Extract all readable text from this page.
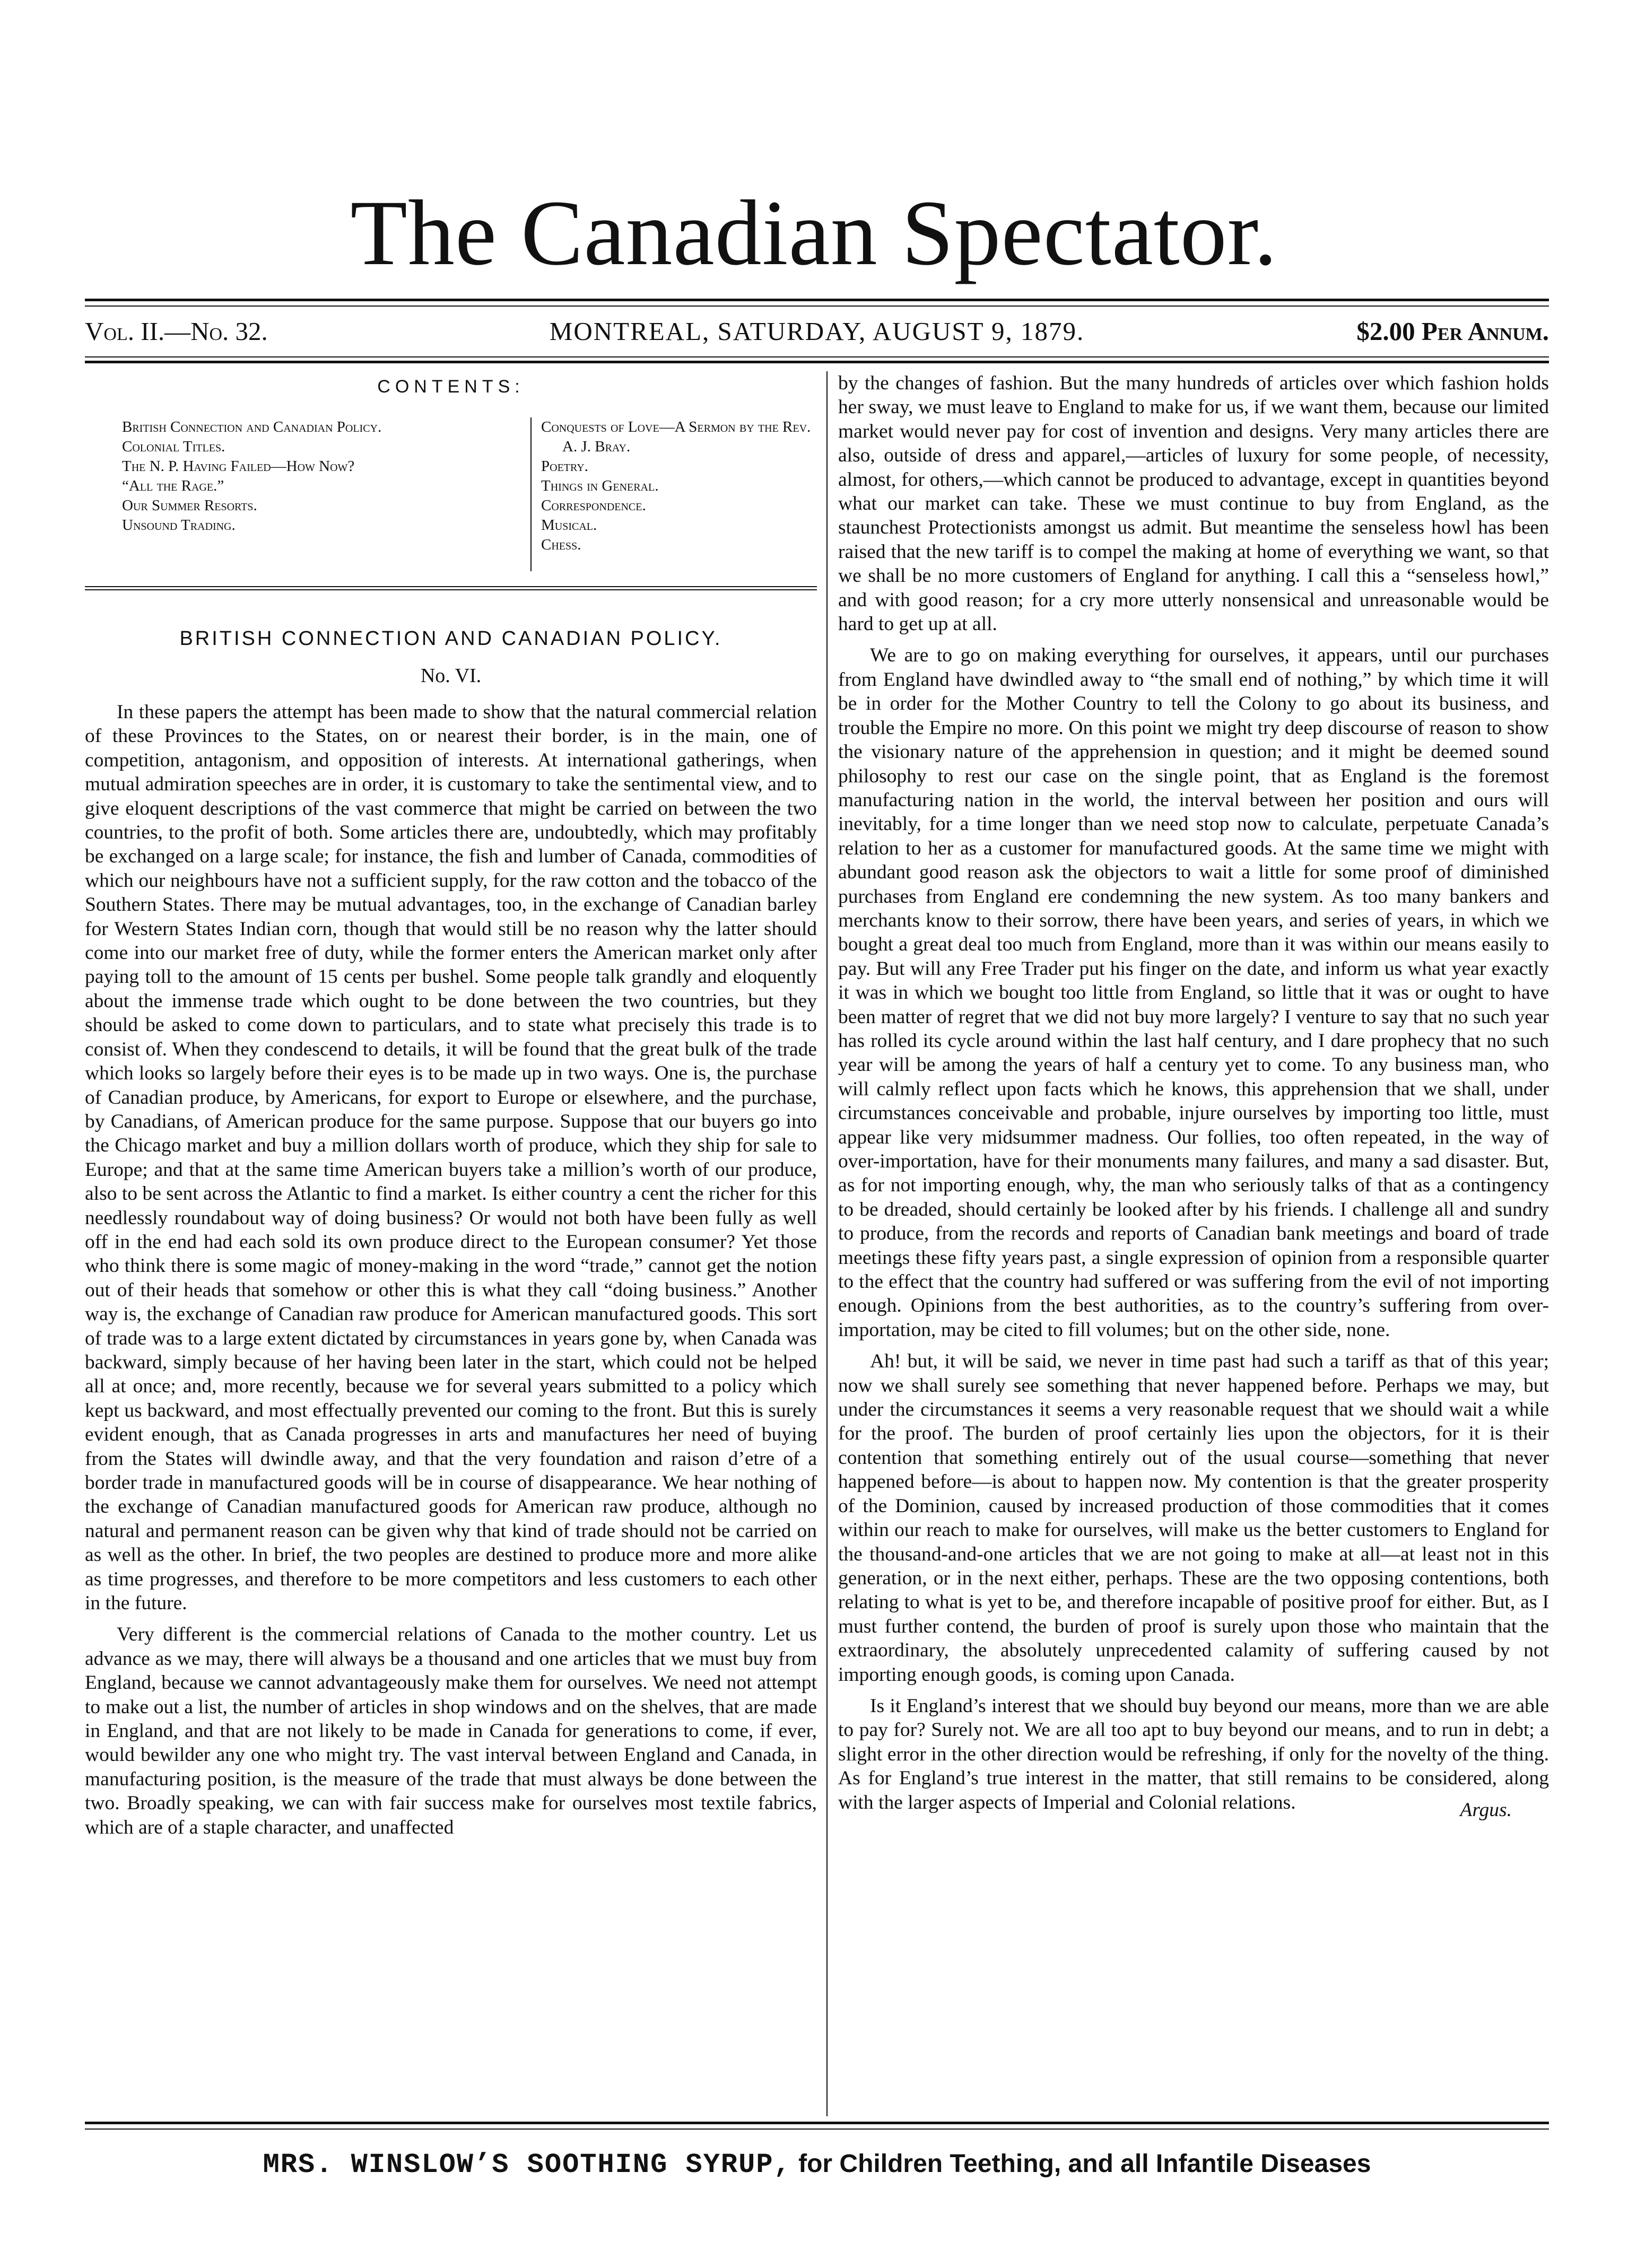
The Canadian Spectator.
MONTREAL, SATURDAY, AUGUST 9, 1879.
Vol. II.—No. 32.	$2.00 Per Annum.
CONTENTS:

British Connection and Canadian Policy.

Colonial Titles.

The N. P. Having Failed—How Now?

“All the Rage.”

Our Summer Resorts.

Unsound Trading.

Conquests of Love—A Sermon by the Rev. A. J. Bray.

Poetry.

Things in General.

Correspondence.

Musical.

Chess.

BRITISH CONNECTION AND CANADIAN POLICY.
No. VI.

In these papers the attempt has been made to show that the natural commercial relation of these Provinces to the States, on or nearest their border, is in the main, one of competition, antagonism, and opposition of interests. At international gatherings, when mutual admiration speeches are in order, it is customary to take the sentimental view, and to give eloquent descriptions of the vast commerce that might be carried on between the two countries, to the profit of both. Some articles there are, undoubtedly, which may profitably be exchanged on a large scale; for instance, the fish and lumber of Canada, commodities of which our neighbours have not a sufficient supply, for the raw cotton and the tobacco of the Southern States. There may be mutual advantages, too, in the exchange of Canadian barley for Western States Indian corn, though that would still be no reason why the latter should come into our market free of duty, while the former enters the American market only after paying toll to the amount of 15 cents per bushel. Some people talk grandly and eloquently about the immense trade which ought to be done between the two countries, but they should be asked to come down to particulars, and to state what precisely this trade is to consist of. When they condescend to details, it will be found that the great bulk of the trade which looks so largely before their eyes is to be made up in two ways. One is, the purchase of Canadian produce, by Americans, for export to Europe or elsewhere, and the purchase, by Canadians, of American produce for the same purpose. Suppose that our buyers go into the Chicago market and buy a million dollars worth of produce, which they ship for sale to Europe; and that at the same time American buyers take a million’s worth of our produce, also to be sent across the Atlantic to find a market. Is either country a cent the richer for this needlessly roundabout way of doing business? Or would not both have been fully as well off in the end had each sold its own produce direct to the European consumer? Yet those who think there is some magic of money-making in the word “trade,” cannot get the notion out of their heads that somehow or other this is what they call “doing business.” Another way is, the exchange of Canadian raw produce for American manufactured goods. This sort of trade was to a large extent dictated by circumstances in years gone by, when Canada was backward, simply because of her having been later in the start, which could not be helped all at once; and, more recently, because we for several years submitted to a policy which kept us backward, and most effectually prevented our coming to the front. But this is surely evident enough, that as Canada progresses in arts and manufactures her need of buying from the States will dwindle away, and that the very foundation and raison d’etre of a border trade in manufactured goods will be in course of disappearance. We hear nothing of the exchange of Canadian manufactured goods for American raw produce, although no natural and permanent reason can be given why that kind of trade should not be carried on as well as the other. In brief, the two peoples are destined to produce more and more alike as time progresses, and therefore to be more competitors and less customers to each other in the future.

Very different is the commercial relations of Canada to the mother country. Let us advance as we may, there will always be a thousand and one articles that we must buy from England, because we cannot advantageously make them for ourselves. We need not attempt to make out a list, the number of articles in shop windows and on the shelves, that are made in England, and that are not likely to be made in Canada for generations to come, if ever, would bewilder any one who might try. The vast interval between England and Canada, in manufacturing position, is the measure of the trade that must always be done between the two. Broadly speaking, we can with fair success make for ourselves most textile fabrics, which are of a staple character, and unaffected

by the changes of fashion. But the many hundreds of articles over which fashion holds her sway, we must leave to England to make for us, if we want them, because our limited market would never pay for cost of invention and designs. Very many articles there are also, outside of dress and apparel,—articles of luxury for some people, of necessity, almost, for others,—which cannot be produced to advantage, except in quantities beyond what our market can take. These we must continue to buy from England, as the staunchest Protectionists amongst us admit. But meantime the senseless howl has been raised that the new tariff is to compel the making at home of everything we want, so that we shall be no more customers of England for anything. I call this a “senseless howl,” and with good reason; for a cry more utterly nonsensical and unreasonable would be hard to get up at all.

We are to go on making everything for ourselves, it appears, until our purchases from England have dwindled away to “the small end of nothing,” by which time it will be in order for the Mother Country to tell the Colony to go about its business, and trouble the Empire no more. On this point we might try deep discourse of reason to show the visionary nature of the apprehension in question; and it might be deemed sound philosophy to rest our case on the single point, that as England is the foremost manufacturing nation in the world, the interval between her position and ours will inevitably, for a time longer than we need stop now to calculate, perpetuate Canada’s relation to her as a customer for manufactured goods. At the same time we might with abundant good reason ask the objectors to wait a little for some proof of diminished purchases from England ere condemning the new system. As too many bankers and merchants know to their sorrow, there have been years, and series of years, in which we bought a great deal too much from England, more than it was within our means easily to pay. But will any Free Trader put his finger on the date, and inform us what year exactly it was in which we bought too little from England, so little that it was or ought to have been matter of regret that we did not buy more largely? I venture to say that no such year has rolled its cycle around within the last half century, and I dare prophecy that no such year will be among the years of half a century yet to come. To any business man, who will calmly reflect upon facts which he knows, this apprehension that we shall, under circumstances conceivable and probable, injure ourselves by importing too little, must appear like very midsummer madness. Our follies, too often repeated, in the way of over-importation, have for their monuments many failures, and many a sad disaster. But, as for not importing enough, why, the man who seriously talks of that as a contingency to be dreaded, should certainly be looked after by his friends. I challenge all and sundry to produce, from the records and reports of Canadian bank meetings and board of trade meetings these fifty years past, a single expression of opinion from a responsible quarter to the effect that the country had suffered or was suffering from the evil of not importing enough. Opinions from the best authorities, as to the country’s suffering from over-importation, may be cited to fill volumes; but on the other side, none.

Ah! but, it will be said, we never in time past had such a tariff as that of this year; now we shall surely see something that never happened before. Perhaps we may, but under the circumstances it seems a very reasonable request that we should wait a while for the proof. The burden of proof certainly lies upon the objectors, for it is their contention that something entirely out of the usual course—something that never happened before—is about to happen now. My contention is that the greater prosperity of the Dominion, caused by increased production of those commodities that it comes within our reach to make for ourselves, will make us the better customers to England for the thousand-and-one articles that we are not going to make at all—at least not in this generation, or in the next either, perhaps. These are the two opposing contentions, both relating to what is yet to be, and therefore incapable of positive proof for either. But, as I must further contend, the burden of proof is surely upon those who maintain that the extraordinary, the absolutely unprecedented calamity of suffering caused by not importing enough goods, is coming upon Canada.

Is it England’s interest that we should buy beyond our means, more than we are able to pay for? Surely not. We are all too apt to buy beyond our means, and to run in debt; a slight error in the other direction would be refreshing, if only for the novelty of the thing. As for England’s true interest in the matter, that still remains to be considered, along with the larger aspects of Imperial and Colonial relations.	Argus.

MRS. WINSLOW’S SOOTHING SYRUP, for Children Teething, and all Infantile Diseases
